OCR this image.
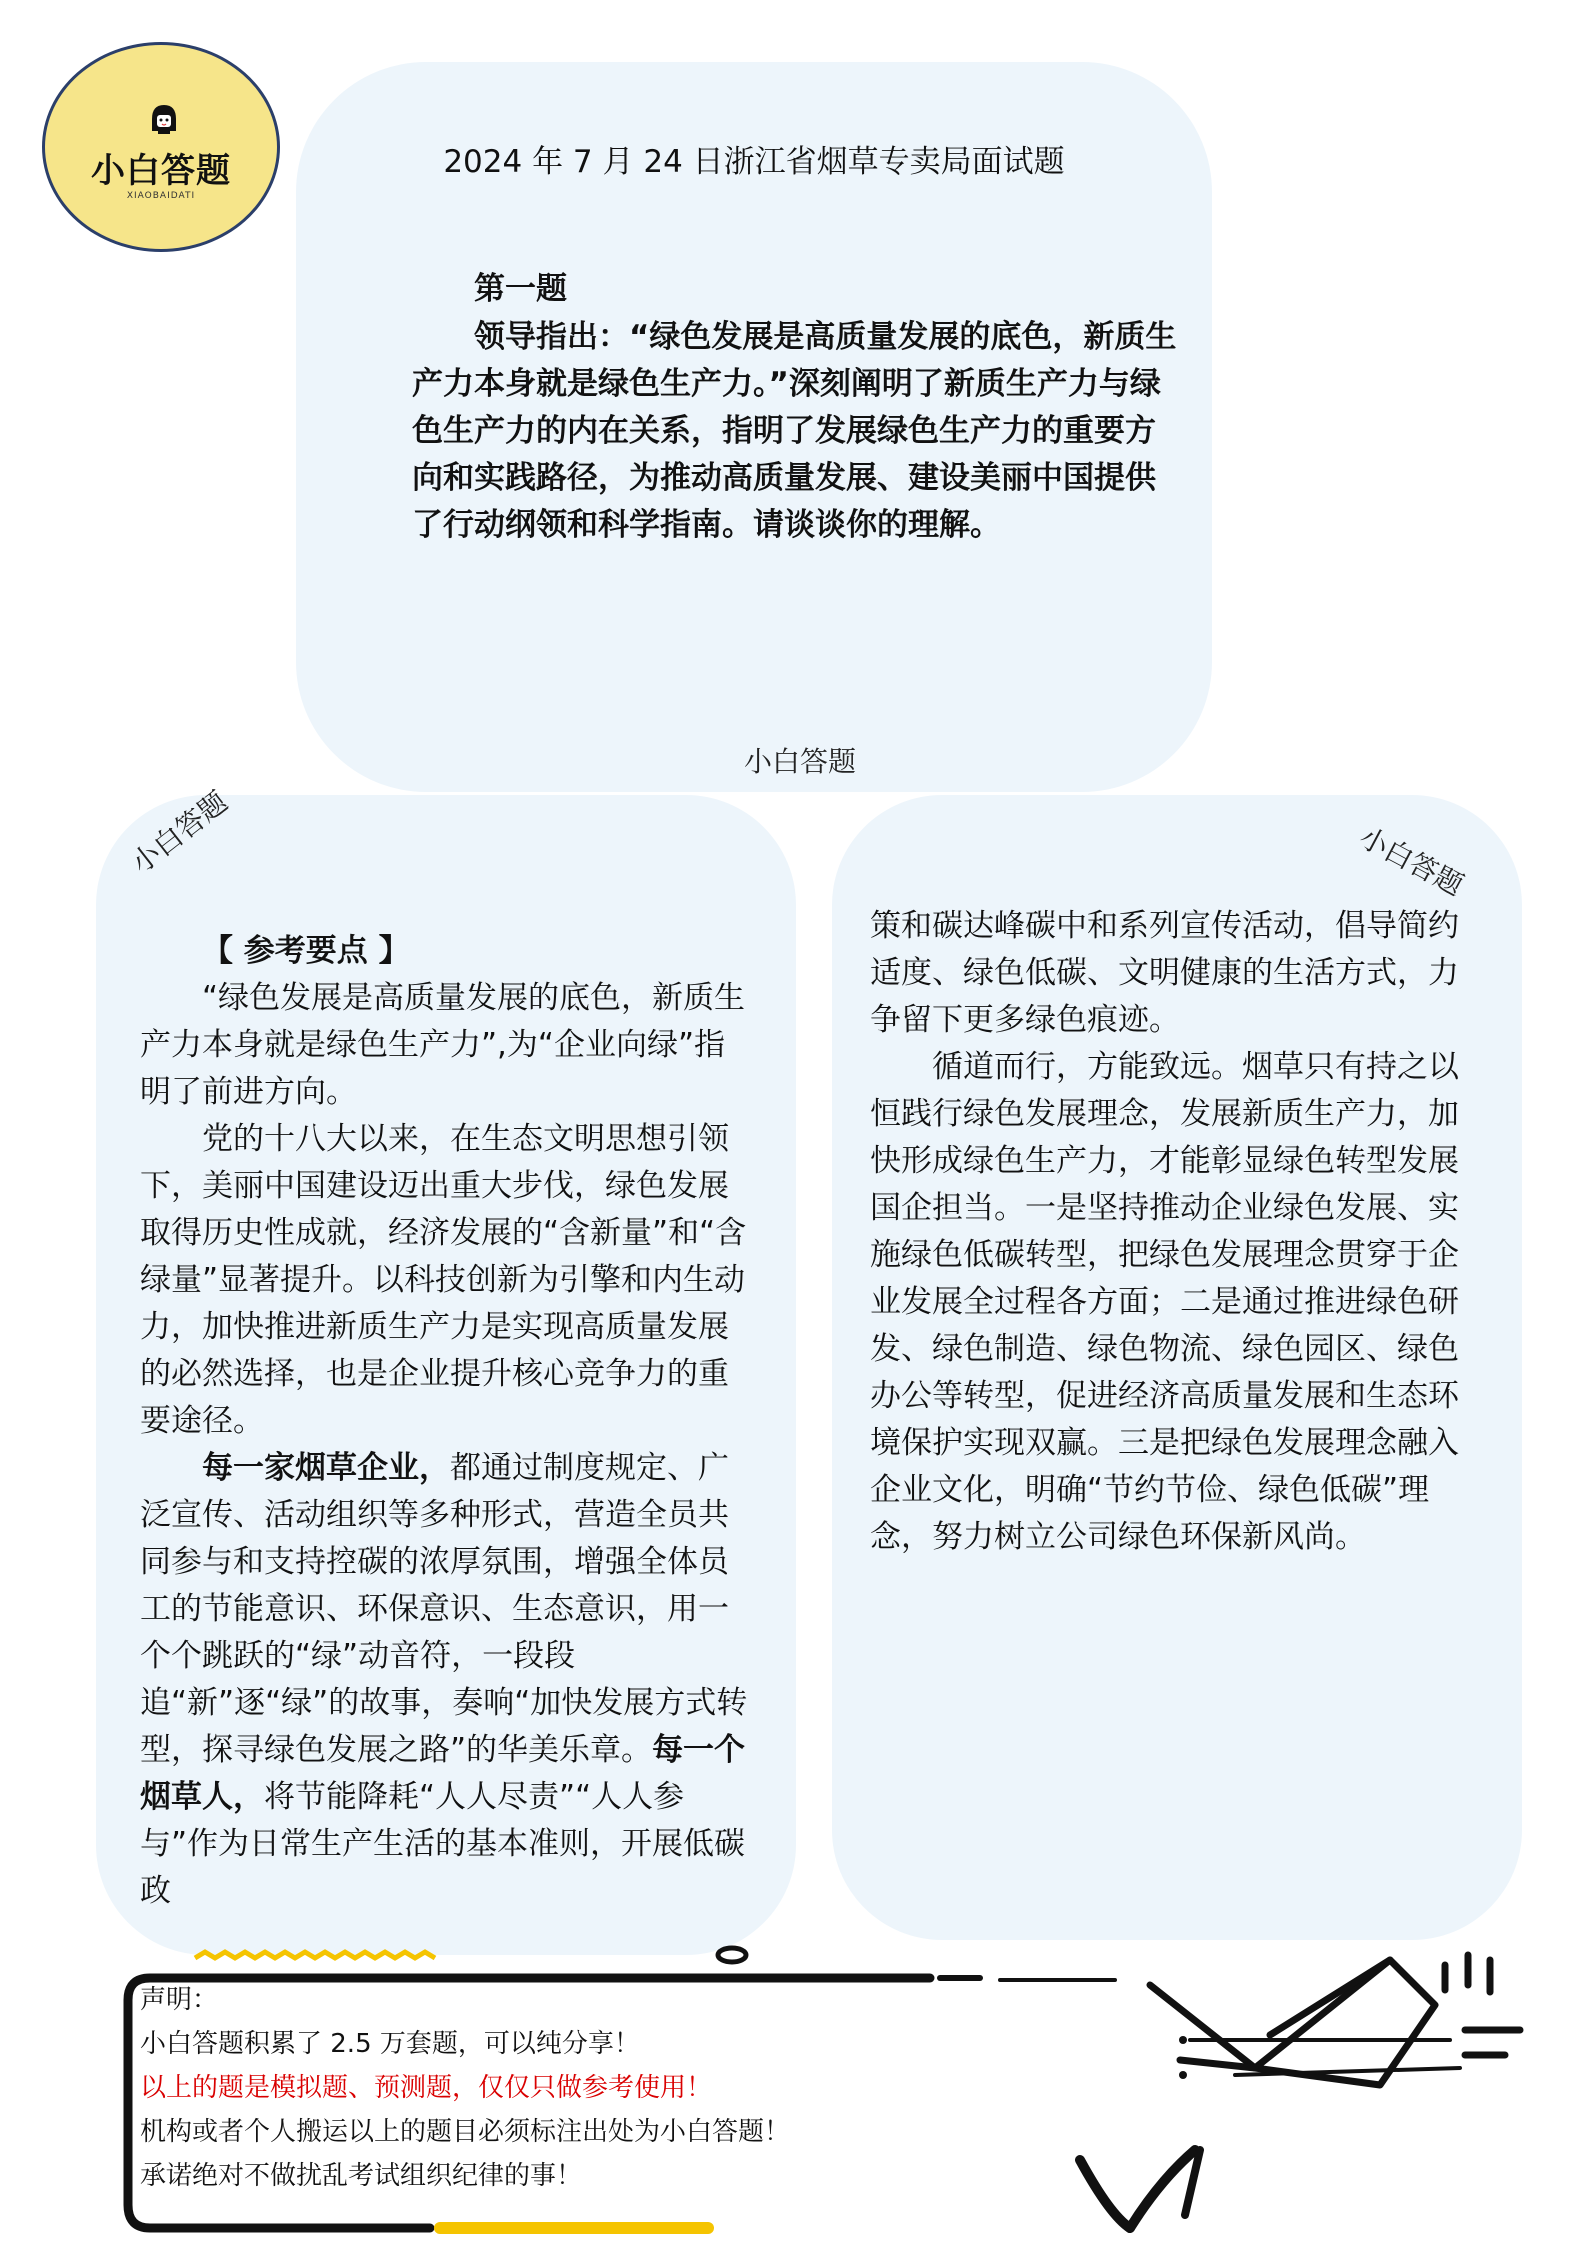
小白答题
XIAOBAIDATI
2024 年 7 月 24 日浙江省烟草专卖局面试题
第一题
领导指出：“绿色发展是高质量发展的底色，新质生产力本身就是绿色生产力。”深刻阐明了新质生产力与绿色生产力的内在关系，指明了发展绿色生产力的重要方向和实践路径，为推动高质量发展、建设美丽中国提供了行动纲领和科学指南。请谈谈你的理解。
小白答题
小白答题	小白答题

【 参考要点 】

“绿色发展是高质量发展的底色，新质生产力本身就是绿色生产力”,为“企业向绿”指明了前进方向。

党的十八大以来，在生态文明思想引领下，美丽中国建设迈出重大步伐，绿色发展取得历史性成就，经济发展的“含新量”和“含绿量”显著提升。以科技创新为引擎和内生动力，加快推进新质生产力是实现高质量发展的必然选择，也是企业提升核心竞争力的重要途径。

每一家烟草企业，都通过制度规定、广泛宣传、活动组织等多种形式，营造全员共同参与和支持控碳的浓厚氛围，增强全体员工的节能意识、环保意识、生态意识，用一个个跳跃的“绿”动音符，一段段追“新”逐“绿”的故事，奏响“加快发展方式转型，探寻绿色发展之路”的华美乐章。每一个烟草人，将节能降耗“人人尽责”“人人参与”作为日常生产生活的基本准则，开展低碳政

策和碳达峰碳中和系列宣传活动，倡导简约适度、绿色低碳、文明健康的生活方式，力争留下更多绿色痕迹。

循道而行，方能致远。烟草只有持之以恒践行绿色发展理念，发展新质生产力，加快形成绿色生产力，才能彰显绿色转型发展国企担当。一是坚持推动企业绿色发展、实施绿色低碳转型，把绿色发展理念贯穿于企业发展全过程各方面；二是通过推进绿色研发、绿色制造、绿色物流、绿色园区、绿色办公等转型，促进经济高质量发展和生态环境保护实现双赢。三是把绿色发展理念融入企业文化，明确“节约节俭、绿色低碳”理念，努力树立公司绿色环保新风尚。

声明：
小白答题积累了 2.5 万套题，可以纯分享！
以上的题是模拟题、预测题，仅仅只做参考使用！
机构或者个人搬运以上的题目必须标注出处为小白答题！
承诺绝对不做扰乱考试组织纪律的事！
